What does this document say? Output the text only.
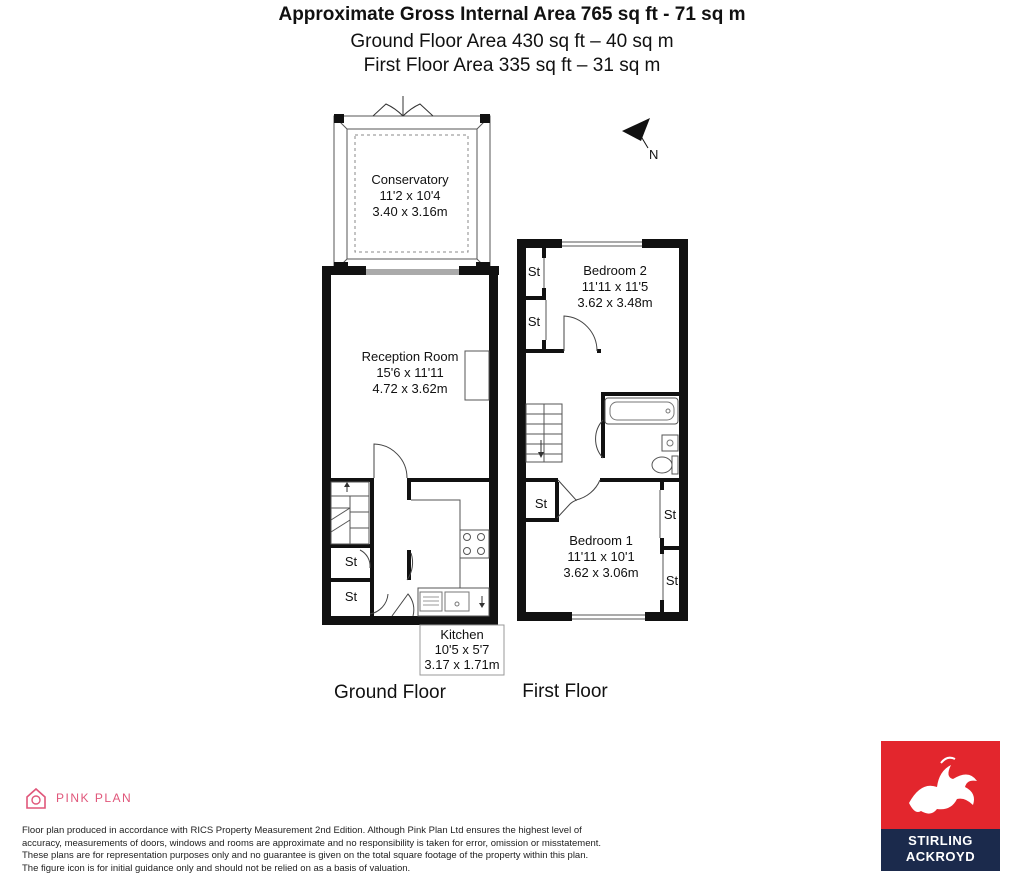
Approximate Gross Internal Area 765 sq ft - 71 sq m
Ground Floor Area 430 sq ft – 40 sq m
First Floor Area 335 sq ft – 31 sq m
N
Conservatory
11'2 x 10'4
3.40 x 3.16m
St
St
Reception Room
15'6 x 11'11
4.72 x 3.62m
Kitchen
10'5 x 5'7
3.17 x 1.71m
Ground Floor
St
St
St
St
St
Bedroom 2
11'11 x 11'5
3.62 x 3.48m
Bedroom 1
11'11 x 10'1
3.62 x 3.06m
First Floor
PINK PLAN
Floor plan produced in accordance with RICS Property Measurement 2nd Edition. Although Pink Plan Ltd ensures the highest level of accuracy, measurements of doors, windows and rooms are approximate and no responsibility is taken for error, omission or misstatement. These plans are for representation purposes only and no guarantee is given on the total square footage of the property within this plan. The figure icon is for initial guidance only and should not be relied on as a basis of valuation.
STIRLING
ACKROYD
